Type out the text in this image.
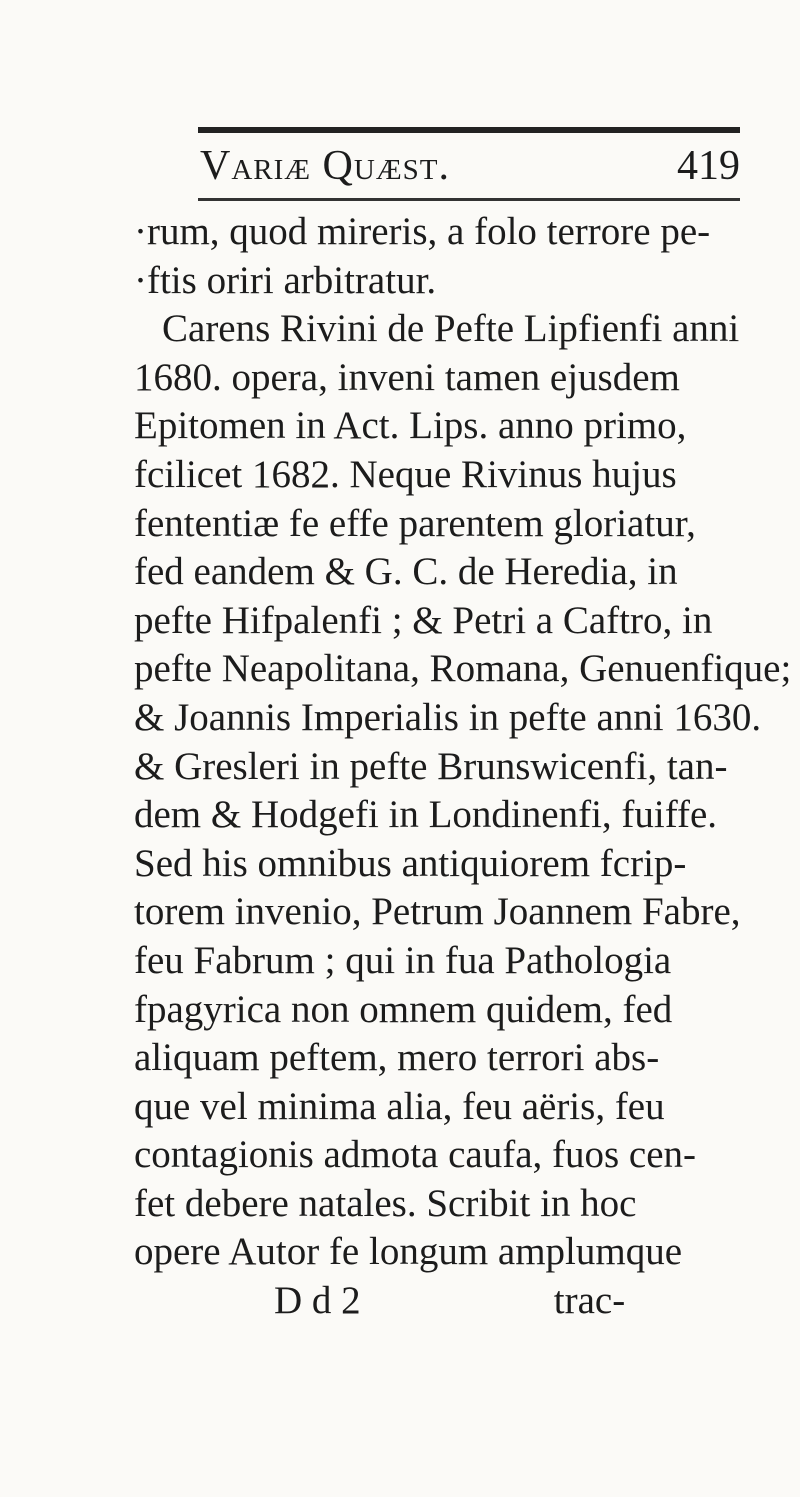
Variæ Quæst.	419
·rum, quod mireris, a folo terrore pe-
·ftis oriri arbitratur.
Carens Rivini de Pefte Lipfienfi anni
1680. opera, inveni tamen ejusdem
Epitomen in Act. Lips. anno primo,
fcilicet 1682. Neque Rivinus hujus
fententiæ fe effe parentem gloriatur,
fed eandem & G. C. de Heredia, in
pefte Hifpalenfi ; & Petri a Caftro, in
pefte Neapolitana, Romana, Genuenfique;
& Joannis Imperialis in pefte anni 1630.
& Gresleri in pefte Brunswicenfi, tan-
dem & Hodgefi in Londinenfi, fuiffe.
Sed his omnibus antiquiorem fcrip-
torem invenio, Petrum Joannem Fabre,
feu Fabrum ; qui in fua Pathologia
fpagyrica non omnem quidem, fed
aliquam peftem, mero terrori abs-
que vel minima alia, feu aëris, feu
contagionis admota caufa, fuos cen-
fet debere natales. Scribit in hoc
opere Autor fe longum amplumque
D d 2	trac-
